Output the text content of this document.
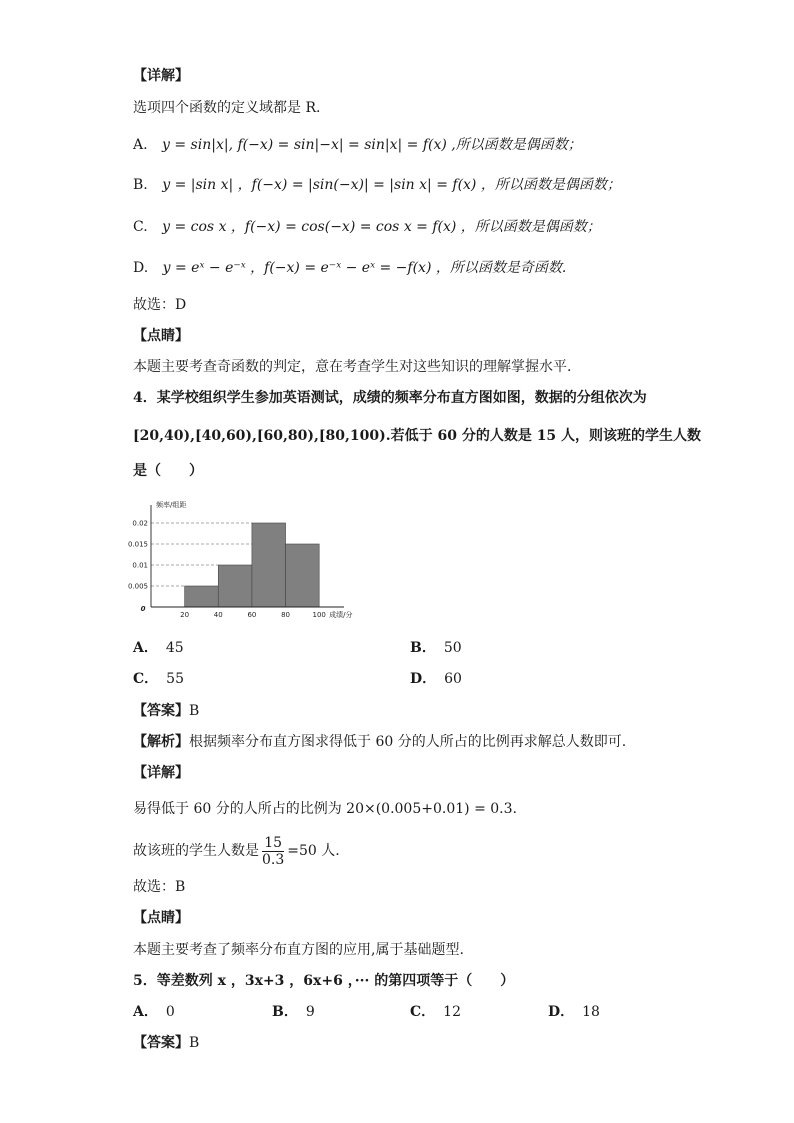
【详解】
选项四个函数的定义域都是 R.
A. y = sin|x|, f(−x) = sin|−x| = sin|x| = f(x) ,所以函数是偶函数；
B. y = |sin x| ，f(−x) = |sin(−x)| = |sin x| = f(x) ，所以函数是偶函数；
C. y = cos x ，f(−x) = cos(−x) = cos x = f(x) ，所以函数是偶函数；
D. y = eˣ − e⁻ˣ ，f(−x) = e⁻ˣ − eˣ = −f(x) ，所以函数是奇函数.
故选：D
【点睛】
本题主要考查奇函数的判定，意在考查学生对这些知识的理解掌握水平.
4．某学校组织学生参加英语测试，成绩的频率分布直方图如图，数据的分组依次为
[20,40),[40,60),[60,80),[80,100).若低于 60 分的人数是 15 人，则该班的学生人数
是（　　）
0.005
0.01
0.015
0.02
20	40	60	80	100
0
频率/组距
成绩/分
A． 45	B． 50
C． 55	D． 60
【答案】B
【解析】根据频率分布直方图求得低于 60 分的人所占的比例再求解总人数即可.
【详解】
易得低于 60 分的人所占的比例为 20×(0.005+0.01) = 0.3.
故该班的学生人数是 $\frac{15}{0.3} =50$ 人.
故选：B
【点睛】
本题主要考查了频率分布直方图的应用,属于基础题型.
5．等差数列 x ，3x+3 ，6x+6 ，··· 的第四项等于（　　）
A． 0	B． 9	C． 12	D． 18
【答案】B
